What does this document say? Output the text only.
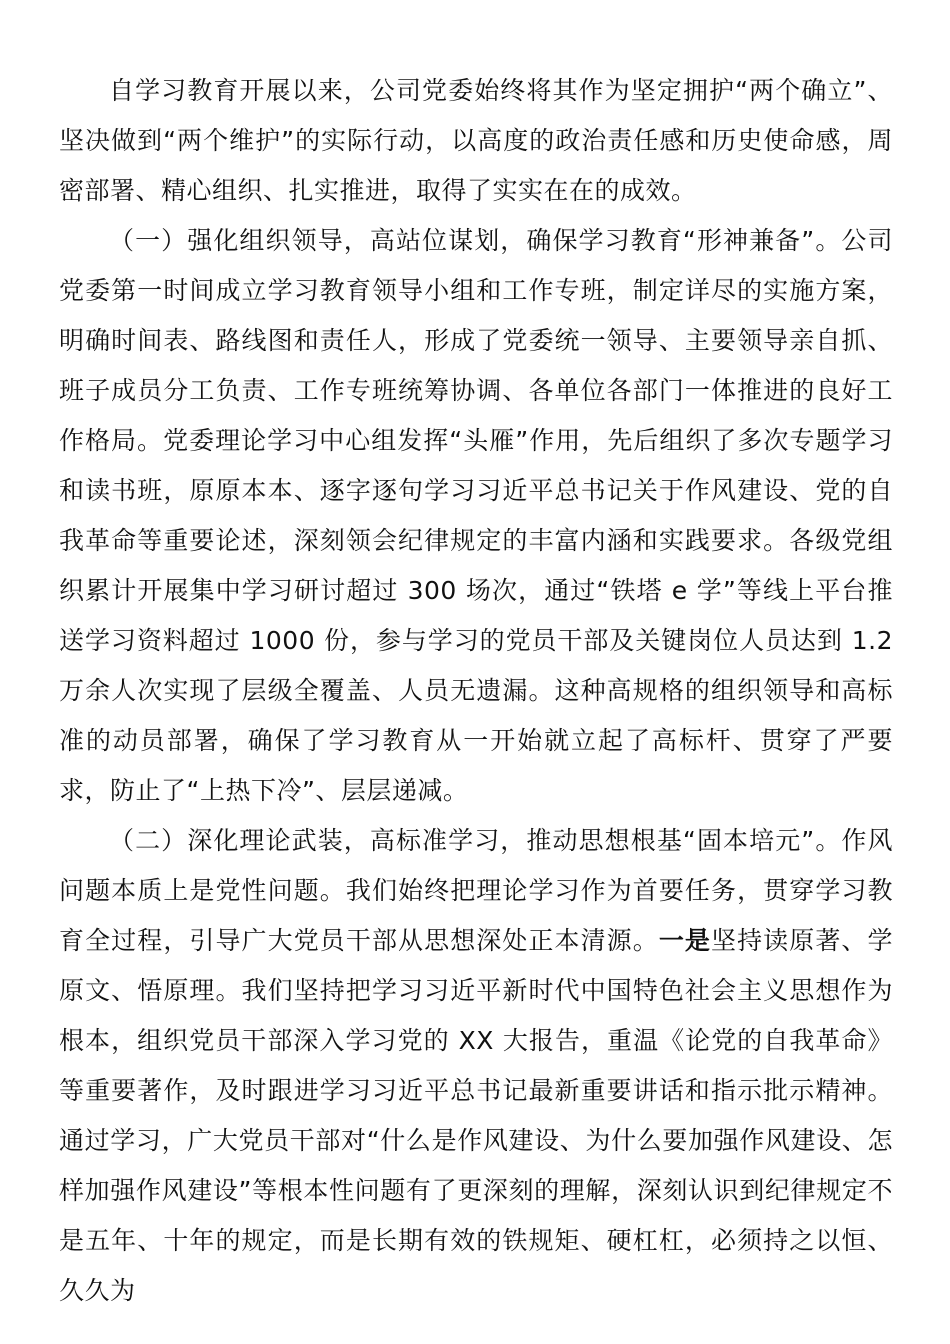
自学习教育开展以来，公司党委始终将其作为坚定拥护“两个确立”、坚决做到“两个维护”的实际行动，以高度的政治责任感和历史使命感，周密部署、精心组织、扎实推进，取得了实实在在的成效。

（一）强化组织领导，高站位谋划，确保学习教育“形神兼备”。公司党委第一时间成立学习教育领导小组和工作专班，制定详尽的实施方案，明确时间表、路线图和责任人，形成了党委统一领导、主要领导亲自抓、班子成员分工负责、工作专班统筹协调、各单位各部门一体推进的良好工作格局。党委理论学习中心组发挥“头雁”作用，先后组织了多次专题学习和读书班，原原本本、逐字逐句学习习近平总书记关于作风建设、党的自我革命等重要论述，深刻领会纪律规定的丰富内涵和实践要求。各级党组织累计开展集中学习研讨超过 300 场次，通过“铁塔 e 学”等线上平台推送学习资料超过 1000 份，参与学习的党员干部及关键岗位人员达到 1.2 万余人次实现了层级全覆盖、人员无遗漏。这种高规格的组织领导和高标准的动员部署，确保了学习教育从一开始就立起了高标杆、贯穿了严要求，防止了“上热下冷”、层层递减。

（二）深化理论武装，高标准学习，推动思想根基“固本培元”。作风问题本质上是党性问题。我们始终把理论学习作为首要任务，贯穿学习教育全过程，引导广大党员干部从思想深处正本清源。一是坚持读原著、学原文、悟原理。我们坚持把学习习近平新时代中国特色社会主义思想作为根本，组织党员干部深入学习党的 XX 大报告，重温《论党的自我革命》等重要著作，及时跟进学习习近平总书记最新重要讲话和指示批示精神。通过学习，广大党员干部对“什么是作风建设、为什么要加强作风建设、怎样加强作风建设”等根本性问题有了更深刻的理解，深刻认识到纪律规定不是五年、十年的规定，而是长期有效的铁规矩、硬杠杠，必须持之以恒、久久为
